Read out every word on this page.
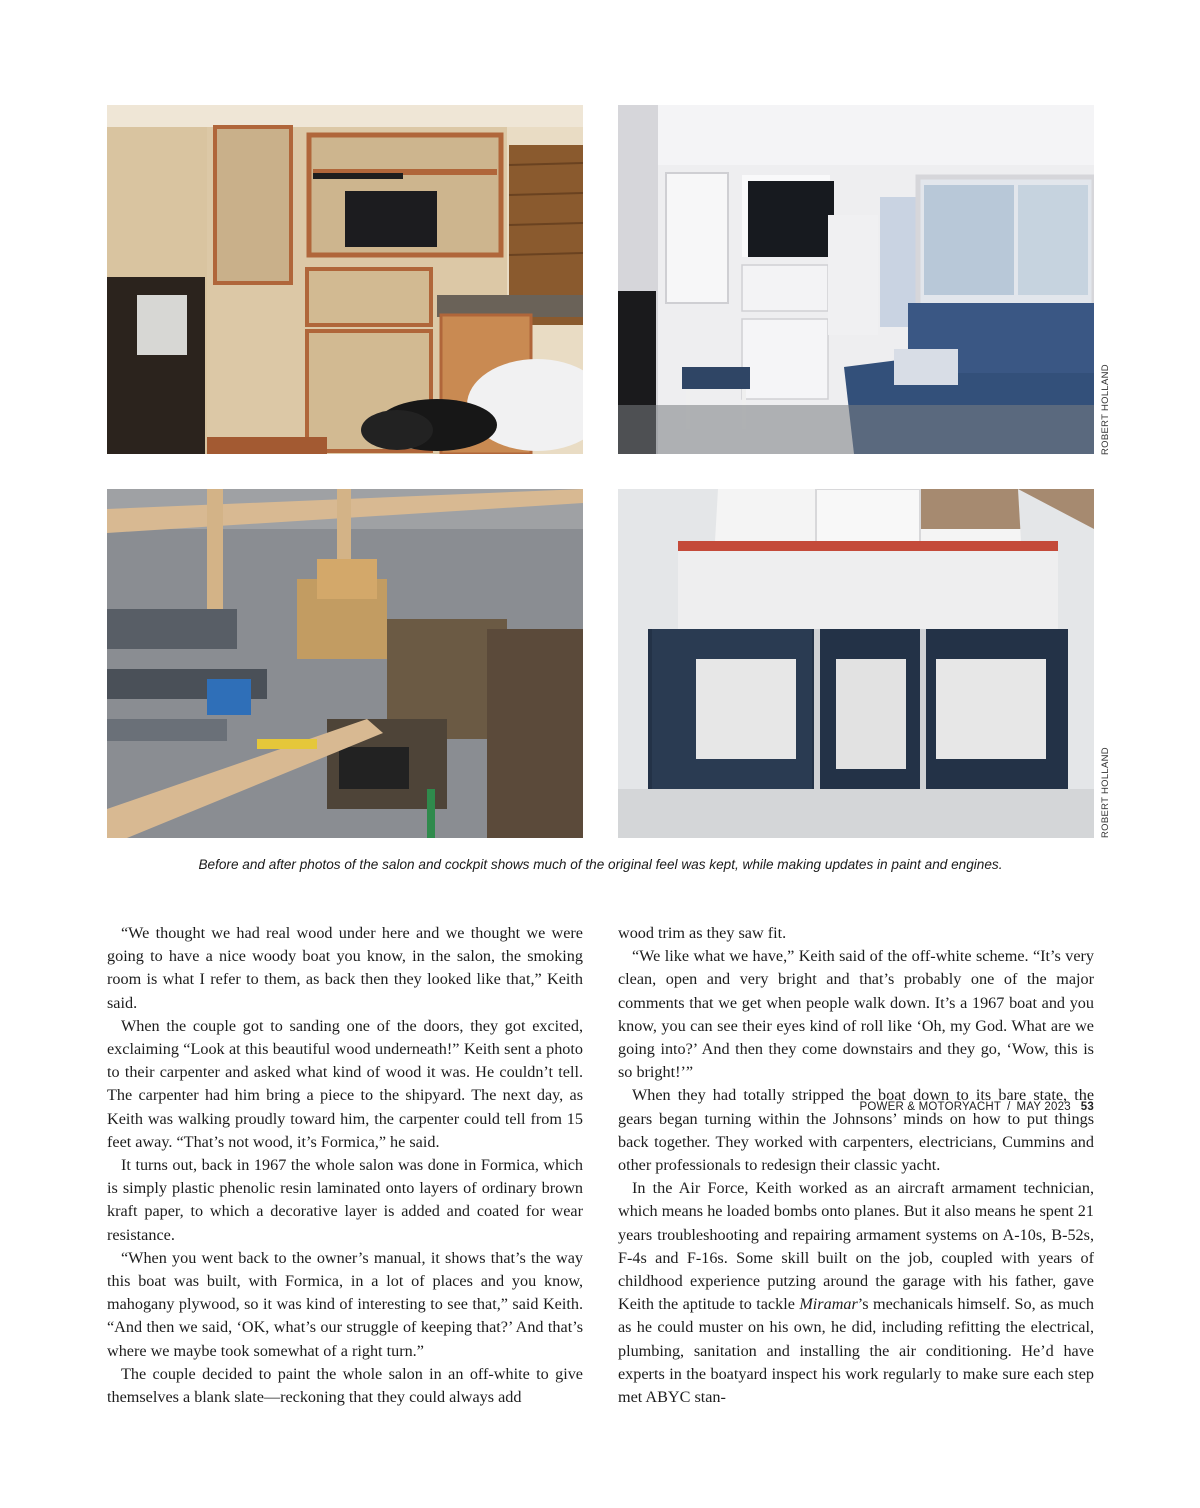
ROBERT HOLLAND
ROBERT HOLLAND
Before and after photos of the salon and cockpit shows much of the original feel was kept, while making updates in paint and engines.

“We thought we had real wood under here and we thought we were going to have a nice woody boat you know, in the salon, the smoking room is what I refer to them, as back then they looked like that,” Keith said.

When the couple got to sanding one of the doors, they got excited, exclaiming “Look at this beautiful wood underneath!” Keith sent a photo to their carpenter and asked what kind of wood it was. He couldn’t tell. The carpenter had him bring a piece to the shipyard. The next day, as Keith was walking proudly toward him, the carpenter could tell from 15 feet away. “That’s not wood, it’s Formica,” he said.

It turns out, back in 1967 the whole salon was done in Formica, which is simply plastic phenolic resin laminated onto layers of ordinary brown kraft paper, to which a decorative layer is added and coated for wear resistance.

“When you went back to the owner’s manual, it shows that’s the way this boat was built, with Formica, in a lot of places and you know, mahogany plywood, so it was kind of interesting to see that,” said Keith. “And then we said, ‘OK, what’s our struggle of keeping that?’ And that’s where we maybe took somewhat of a right turn.”

The couple decided to paint the whole salon in an off-white to give themselves a blank slate—reckoning that they could always add

wood trim as they saw fit.

“We like what we have,” Keith said of the off-white scheme. “It’s very clean, open and very bright and that’s probably one of the major comments that we get when people walk down. It’s a 1967 boat and you know, you can see their eyes kind of roll like ‘Oh, my God. What are we going into?’ And then they come downstairs and they go, ‘Wow, this is so bright!’”

When they had totally stripped the boat down to its bare state, the gears began turning within the Johnsons’ minds on how to put things back together. They worked with carpenters, electricians, Cummins and other professionals to redesign their classic yacht.

In the Air Force, Keith worked as an aircraft armament technician, which means he loaded bombs onto planes. But it also means he spent 21 years troubleshooting and repairing armament systems on A-10s, B-52s, F-4s and F-16s. Some skill built on the job, coupled with years of childhood experience putzing around the garage with his father, gave Keith the aptitude to tackle Miramar’s mechanicals himself. So, as much as he could muster on his own, he did, including refitting the electrical, plumbing, sanitation and installing the air conditioning. He’d have experts in the boatyard inspect his work regularly to make sure each step met ABYC stan-

POWER & MOTORYACHT / MAY 2023 53
